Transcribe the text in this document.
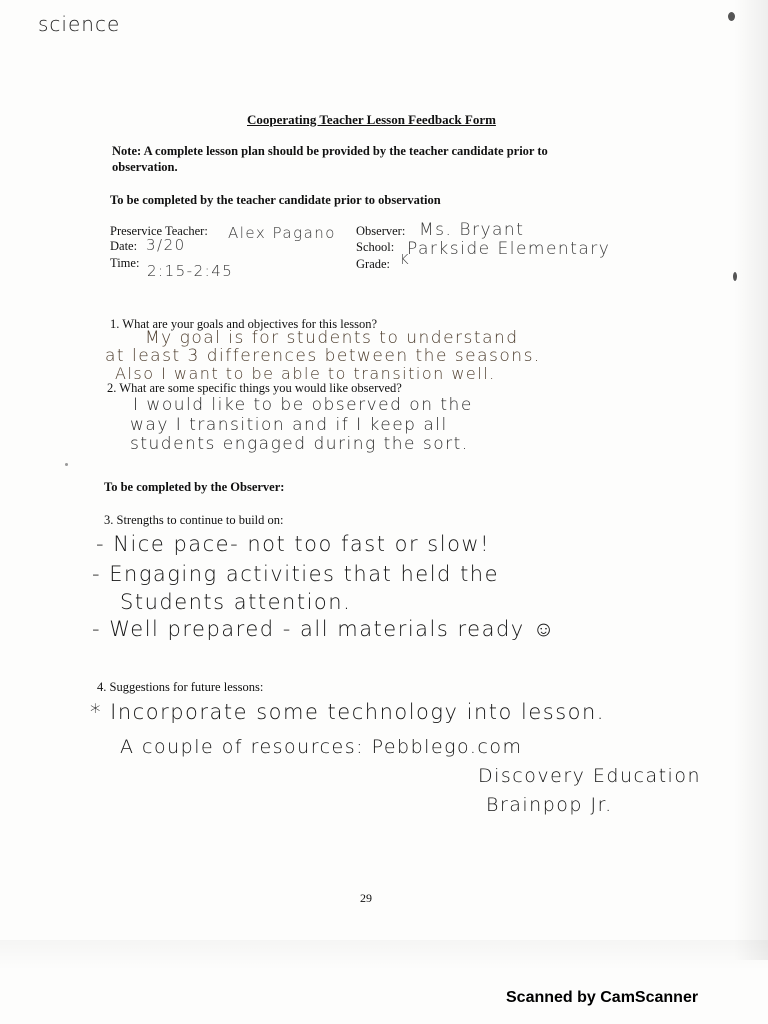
science
Cooperating Teacher Lesson Feedback Form
Note: A complete lesson plan should be provided by the teacher candidate prior to observation.
To be completed by the teacher candidate prior to observation
Preservice Teacher: Alex Pagano
Date: 3/20
Time: 2:15-2:45
Observer: Ms. Bryant
School: Parkside Elementary
Grade: K
1. What are your goals and objectives for this lesson?
My goal is for students to understand
at least 3 differences between the seasons.
Also I want to be able to transition well.
2. What are some specific things you would like observed?
I would like to be observed on the
way I transition and if I keep all
students engaged during the sort.
To be completed by the Observer:
3. Strengths to continue to build on:
- Nice pace- not too fast or slow!
- Engaging activities that held the
Students attention.
- Well prepared - all materials ready ☺
4. Suggestions for future lessons:
* Incorporate some technology into lesson.
A couple of resources: Pebblego.com
Discovery Education
Brainpop Jr.
29
Scanned by CamScanner
